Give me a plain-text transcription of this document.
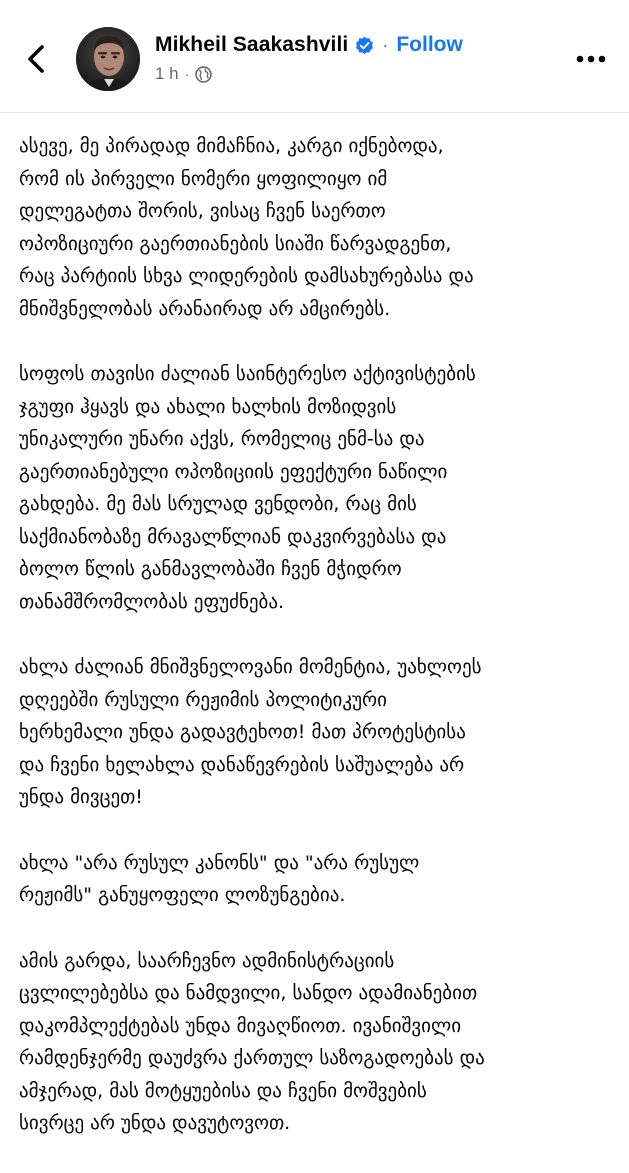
Mikheil Saakashvili · Follow
1 h ·

ასევე, მე პირადად მიმაჩნია, კარგი იქნებოდა,
რომ ის პირველი ნომერი ყოფილიყო იმ
დელეგატთა შორის, ვისაც ჩვენ საერთო
ოპოზიციური გაერთიანების სიაში წარვადგენთ,
რაც პარტიის სხვა ლიდერების დამსახურებასა და
მნიშვნელობას არანაირად არ ამცირებს.

სოფოს თავისი ძალიან საინტერესო აქტივისტების
ჯგუფი ჰყავს და ახალი ხალხის მოზიდვის
უნიკალური უნარი აქვს, რომელიც ენმ-სა და
გაერთიანებული ოპოზიციის ეფექტური ნაწილი
გახდება. მე მას სრულად ვენდობი, რაც მის
საქმიანობაზე მრავალწლიან დაკვირვებასა და
ბოლო წლის განმავლობაში ჩვენ მჭიდრო
თანამშრომლობას ეფუძნება.

ახლა ძალიან მნიშვნელოვანი მომენტია, უახლოეს
დღეებში რუსული რეჟიმის პოლიტიკური
ხერხემალი უნდა გადავტეხოთ! მათ პროტესტისა
და ჩვენი ხელახლა დანაწევრების საშუალება არ
უნდა მივცეთ!

ახლა "არა რუსულ კანონს" და "არა რუსულ
რეჟიმს" განუყოფელი ლოზუნგებია.

ამის გარდა, საარჩევნო ადმინისტრაციის
ცვლილებებსა და ნამდვილი, სანდო ადამიანებით
დაკომპლექტებას უნდა მივაღწიოთ. ივანიშვილი
რამდენჯერმე დაუძვრა ქართულ საზოგადოებას და
ამჯერად, მას მოტყუებისა და ჩვენი მოშვების
სივრცე არ უნდა დავუტოვოთ.
